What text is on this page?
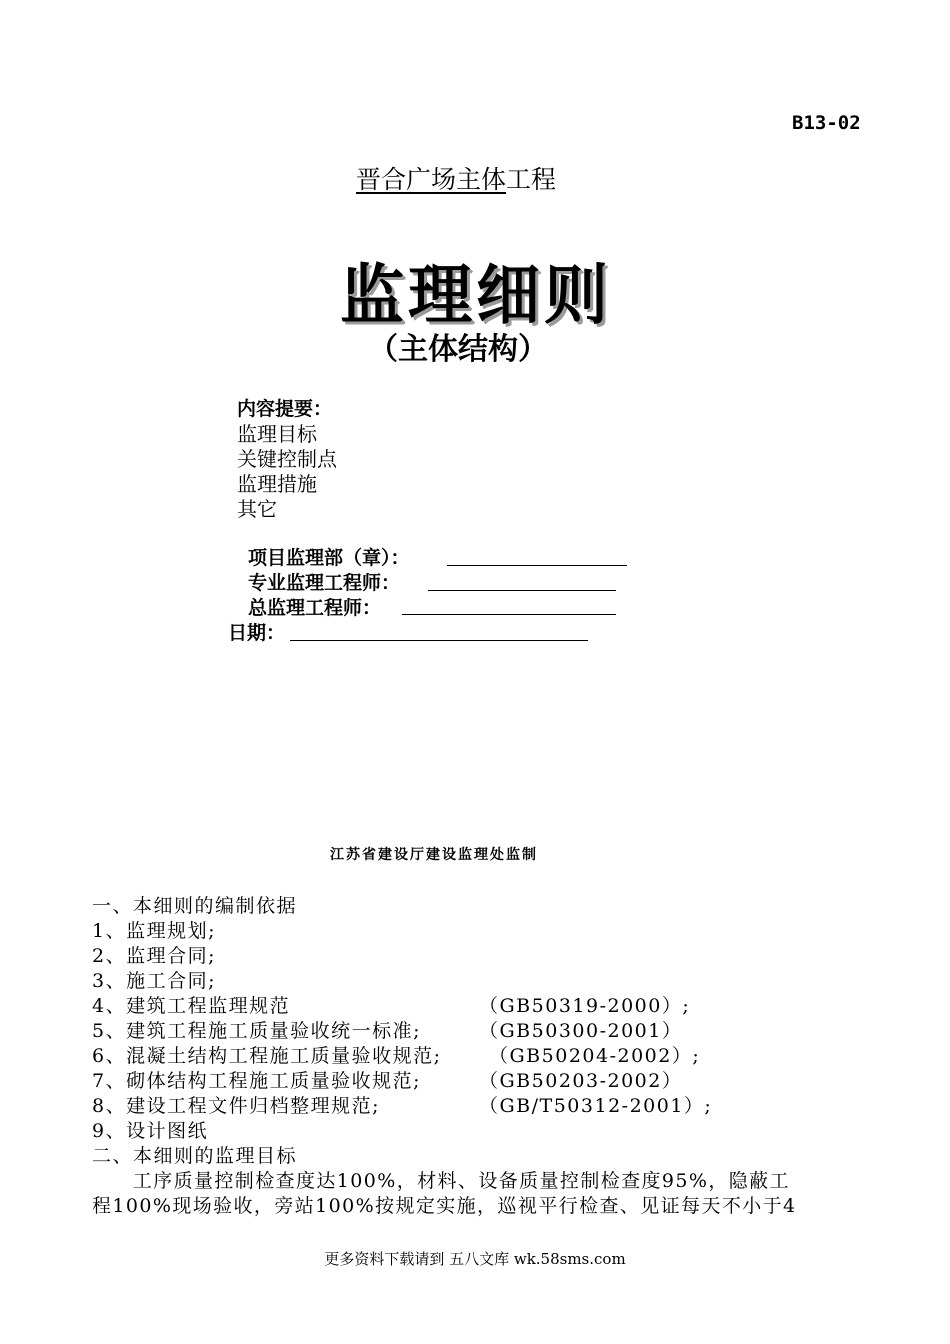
B13-02
晋合广场主体工程
监理细则
（主体结构）
内容提要：
监理目标
关键控制点
监理措施
其它
项目监理部（章）：
专业监理工程师：
总监理工程师：
日期：
江苏省建设厅建设监理处监制
一、本细则的编制依据
1、监理规划;
2、监理合同;
3、施工合同;
4、建筑工程监理规范	（GB50319-2000）;
5、建筑工程施工质量验收统一标准;	（GB50300-2001）
6、混凝土结构工程施工质量验收规范;	（GB50204-2002）;
7、砌体结构工程施工质量验收规范;	（GB50203-2002）
8、建设工程文件归档整理规范;	（GB/T50312-2001）;
9、设计图纸
二、本细则的监理目标
　　工序质量控制检查度达100%，材料、设备质量控制检查度95%，隐蔽工
程100%现场验收，旁站100%按规定实施，巡视平行检查、见证每天不小于4
更多资料下载请到 五八文库 wk.58sms.com
